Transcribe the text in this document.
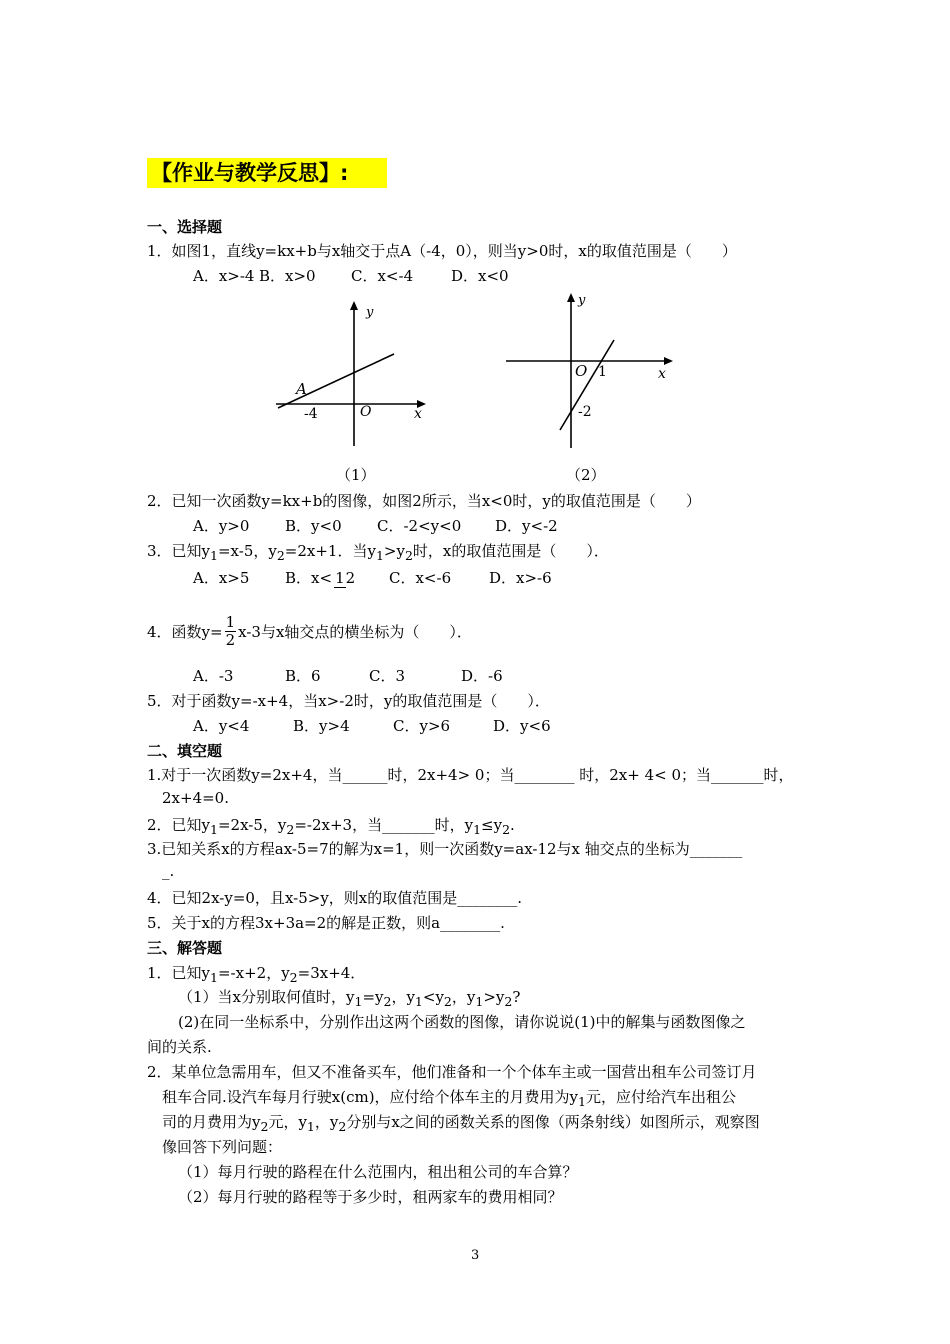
【作业与教学反思】:
一、选择题
1．如图1，直线y=kx+b与x轴交于点A（-4，0），则当y>0时，x的取值范围是（　　）
A．x>-4 B．x>0 C．x<-4	D．x<0
y
x
O
A
-4
（1）
y
x
O 1
-2
（2）
2．已知一次函数y=kx+b的图像，如图2所示，当x<0时，y的取值范围是（　　）
A．y>0 B．y<0 C．-2<y<0 D．y<-2
3．已知$y_1=x-5$，$y_2=2x+1$．当$y_1>y_2$时，x的取值范围是（　　）．
A．x>5 B．x< 12 C．x<-6	D．x>-6
4．函数$y= \frac{1}{2} x-3$与x轴交点的横坐标为（　　）．
A．-3	B．6	C．3	D．-6
5．对于函数y=-x+4，当x>-2时，y的取值范围是（　　）．
A．y<4	B．y>4	C．y>6	D．y<6
二、填空题
1.对于一次函数y=2x+4，当______时，2x+4> 0；当________ 时，2x+ 4< 0；当_______时，
2x+4=0.
2．已知$y_1=2x-5$，$y_2=-2x+3$，当_______时，$y_1\le y_2$.
3.已知关系x的方程ax-5=7的解为x=1，则一次函数y=ax-12与x 轴交点的坐标为_______
_.
4．已知2x-y=0，且x-5>y，则x的取值范围是________.
5．关于x的方程3x+3a=2的解是正数，则a________.
三、解答题
1．已知$y_1=-x+2$，$y_2=3x+4$．
（1）当x分别取何值时，$y_1=y_2$，$y_1<y_2$，$y_1>y_2$?
(2)在同一坐标系中，分别作出这两个函数的图像，请你说说(1)中的解集与函数图像之
间的关系.
2．某单位急需用车，但又不准备买车，他们准备和一个个体车主或一国营出租车公司签订月
租车合同.设汽车每月行驶x(cm)，应付给个体车主的月费用为$y_1$元，应付给汽车出租公
司的月费用为$y_2$元，$y_1$，$y_2$分别与x之间的函数关系的图像（两条射线）如图所示，观察图
像回答下列问题：
（1）每月行驶的路程在什么范围内，租出租公司的车合算？
（2）每月行驶的路程等于多少时，租两家车的费用相同？
3
